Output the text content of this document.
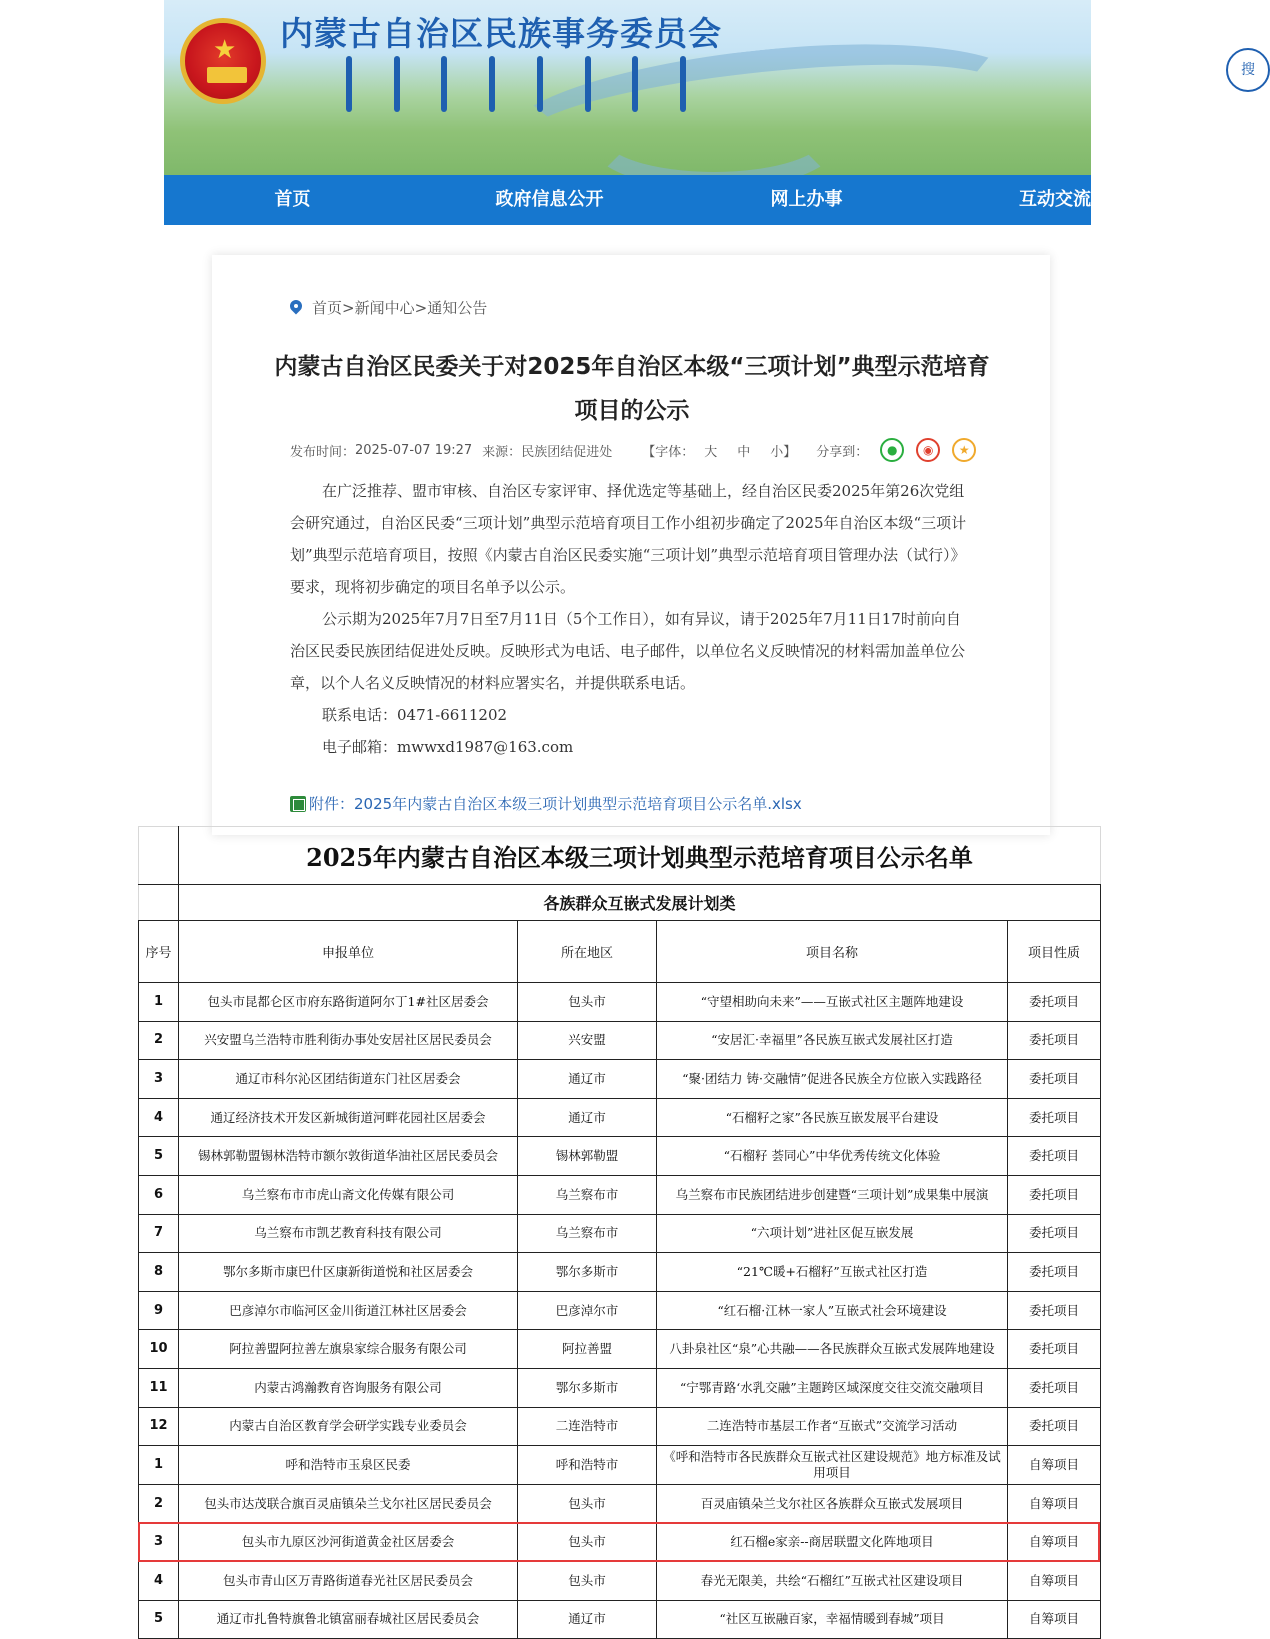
★ 内蒙古自治区民族事务委员会
搜
首页	政府信息公开	网上办事	互动交流
首页 > 新闻中心 > 通知公告
内蒙古自治区民委关于对2025年自治区本级“三项计划”典型示范培育项目的公示
发布时间： 2025-07-07 19:27 来源： 民族团结促进处 【字体： 大 中 小】 分享到：	●	◉	★

在广泛推荐、盟市审核、自治区专家评审、择优选定等基础上，经自治区民委2025年第26次党组会研究通过，自治区民委“三项计划”典型示范培育项目工作小组初步确定了2025年自治区本级“三项计划”典型示范培育项目，按照《内蒙古自治区民委实施“三项计划”典型示范培育项目管理办法（试行）》要求，现将初步确定的项目名单予以公示。

公示期为2025年7月7日至7月11日（5个工作日），如有异议，请于2025年7月11日17时前向自治区民委民族团结促进处反映。反映形式为电话、电子邮件，以单位名义反映情况的材料需加盖单位公章，以个人名义反映情况的材料应署实名，并提供联系电话。

联系电话：0471-6611202
电子邮箱：mwwxd1987@163.com
附件： 2025年内蒙古自治区本级三项计划典型示范培育项目公示名单.xlsx
	2025年内蒙古自治区本级三项计划典型示范培育项目公示名单			
	各族群众互嵌式发展计划类			
序号	申报单位	所在地区	项目名称	项目性质
1	包头市昆都仑区市府东路街道阿尔丁1#社区居委会	包头市	“守望相助向未来”——互嵌式社区主题阵地建设	委托项目
2	兴安盟乌兰浩特市胜利街办事处安居社区居民委员会	兴安盟	“安居汇·幸福里”各民族互嵌式发展社区打造	委托项目
3	通辽市科尔沁区团结街道东门社区居委会	通辽市	“聚·团结力 铸·交融情”促进各民族全方位嵌入实践路径	委托项目
4	通辽经济技术开发区新城街道河畔花园社区居委会	通辽市	“石榴籽之家”各民族互嵌发展平台建设	委托项目
5	锡林郭勒盟锡林浩特市额尔敦街道华油社区居民委员会	锡林郭勒盟	“石榴籽 荟同心”中华优秀传统文化体验	委托项目
6	乌兰察布市市虎山斋文化传媒有限公司	乌兰察布市	乌兰察布市民族团结进步创建暨“三项计划”成果集中展演	委托项目
7	乌兰察布市凯艺教育科技有限公司	乌兰察布市	“六项计划”进社区促互嵌发展	委托项目
8	鄂尔多斯市康巴什区康新街道悦和社区居委会	鄂尔多斯市	“21℃暖+石榴籽”互嵌式社区打造	委托项目
9	巴彦淖尔市临河区金川街道江林社区居委会	巴彦淖尔市	“红石榴·江林一家人”互嵌式社会环境建设	委托项目
10	阿拉善盟阿拉善左旗泉家综合服务有限公司	阿拉善盟	八卦泉社区“泉”心共融——各民族群众互嵌式发展阵地建设	委托项目
11	内蒙古鸿瀚教育咨询服务有限公司	鄂尔多斯市	“宁鄂青路‘水乳交融”主题跨区域深度交往交流交融项目	委托项目
12	内蒙古自治区教育学会研学实践专业委员会	二连浩特市	二连浩特市基层工作者“互嵌式”交流学习活动	委托项目
1	呼和浩特市玉泉区民委	呼和浩特市	《呼和浩特市各民族群众互嵌式社区建设规范》地方标准及试用项目	自筹项目
2	包头市达茂联合旗百灵庙镇朵兰戈尔社区居民委员会	包头市	百灵庙镇朵兰戈尔社区各族群众互嵌式发展项目	自筹项目
3	包头市九原区沙河街道黄金社区居委会	包头市	红石榴e家亲--商居联盟文化阵地项目	自筹项目
4	包头市青山区万青路街道春光社区居民委员会	包头市	春光无限美，共绘“石榴红”互嵌式社区建设项目	自筹项目
5	通辽市扎鲁特旗鲁北镇富丽春城社区居民委员会	通辽市	“社区互嵌融百家，幸福情暖到春城”项目	自筹项目
